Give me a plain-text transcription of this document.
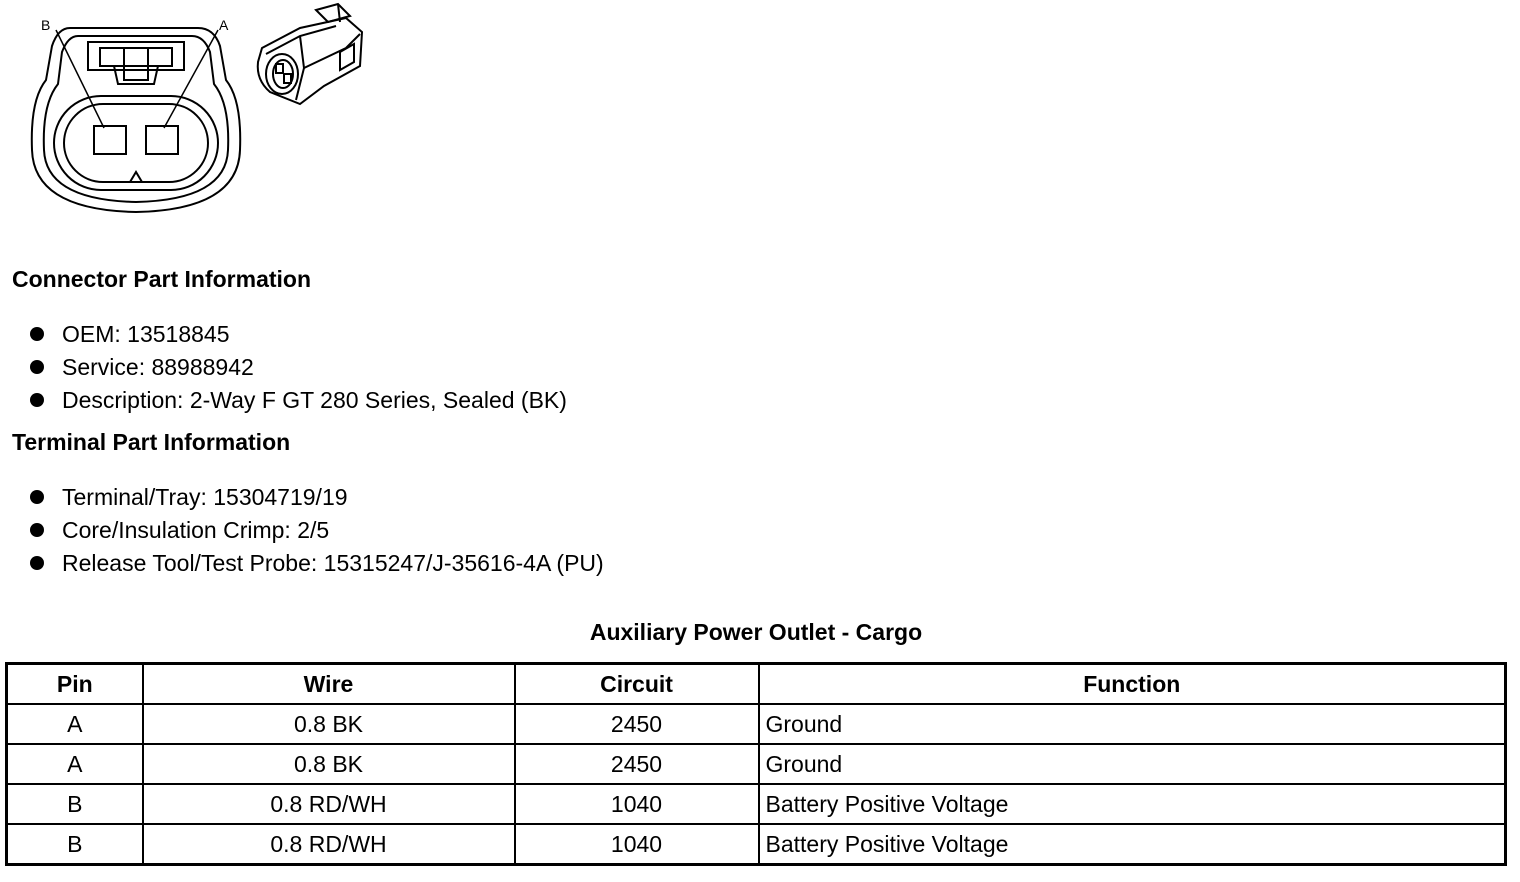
B	A
Connector Part Information
OEM: 13518845
Service: 88988942
Description: 2-Way F GT 280 Series, Sealed (BK)
Terminal Part Information
Terminal/Tray: 15304719/19
Core/Insulation Crimp: 2/5
Release Tool/Test Probe: 15315247/J-35616-4A (PU)
Auxiliary Power Outlet - Cargo
Pin	Wire	Circuit	Function
A	0.8 BK	2450	Ground
A	0.8 BK	2450	Ground
B	0.8 RD/WH	1040	Battery Positive Voltage
B	0.8 RD/WH	1040	Battery Positive Voltage
